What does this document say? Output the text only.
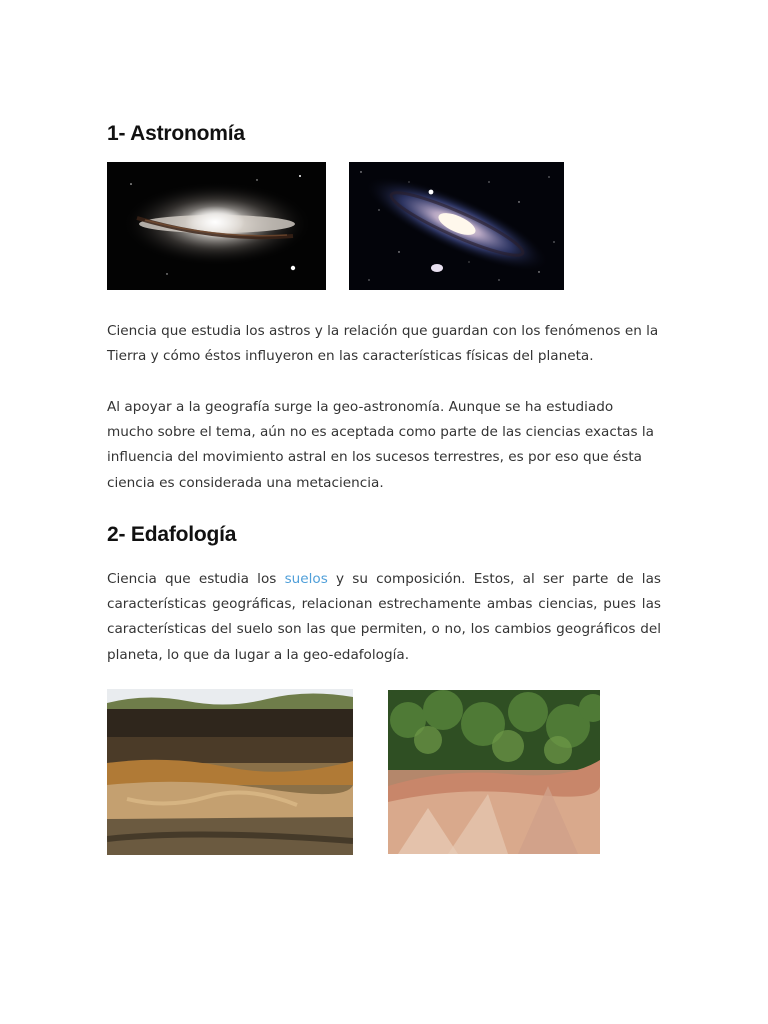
1- Astronomía

Ciencia que estudia los astros y la relación que guardan con los fenómenos en la Tierra y cómo éstos influyeron en las características físicas del planeta.

Al apoyar a la geografía surge la geo-astronomía. Aunque se ha estudiado mucho sobre el tema, aún no es aceptada como parte de las ciencias exactas la influencia del movimiento astral en los sucesos terrestres, es por eso que ésta ciencia es considerada una metaciencia.

2- Edafología

Ciencia que estudia los suelos y su composición. Estos, al ser parte de las características geográficas, relacionan estrechamente ambas ciencias, pues las características del suelo son las que permiten, o no, los cambios geográficos del planeta, lo que da lugar a la geo-edafología.
